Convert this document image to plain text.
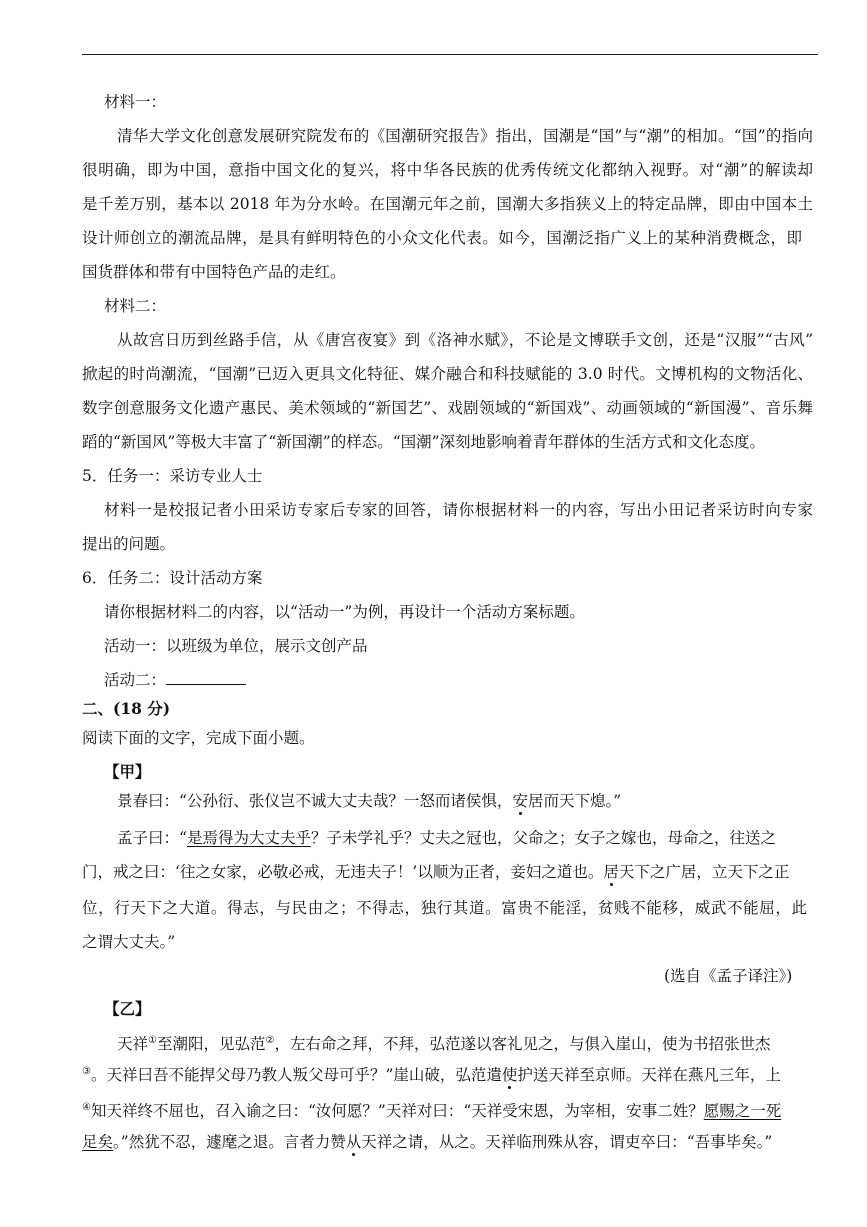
材料一：
清华大学文化创意发展研究院发布的《国潮研究报告》指出，国潮是“国”与“潮”的相加。“国”的指向
很明确，即为中国，意指中国文化的复兴，将中华各民族的优秀传统文化都纳入视野。对“潮”的解读却
是千差万别，基本以 2018 年为分水岭。在国潮元年之前，国潮大多指狭义上的特定品牌，即由中国本土
设计师创立的潮流品牌，是具有鲜明特色的小众文化代表。如今，国潮泛指广义上的某种消费概念，即
国货群体和带有中国特色产品的走红。
材料二：
从故宫日历到丝路手信，从《唐宫夜宴》到《洛神水赋》，不论是文博联手文创，还是“汉服”“古风”
掀起的时尚潮流，“国潮”已迈入更具文化特征、媒介融合和科技赋能的 3.0 时代。文博机构的文物活化、
数字创意服务文化遗产惠民、美术领域的“新国艺”、戏剧领域的“新国戏”、动画领域的“新国漫”、音乐舞
蹈的“新国风”等极大丰富了“新国潮”的样态。“国潮”深刻地影响着青年群体的生活方式和文化态度。
5．任务一：采访专业人士
材料一是校报记者小田采访专家后专家的回答，请你根据材料一的内容，写出小田记者采访时向专家
提出的问题。
6．任务二：设计活动方案
请你根据材料二的内容，以“活动一”为例，再设计一个活动方案标题。
活动一：以班级为单位，展示文创产品
活动二：
二、(18 分)
阅读下面的文字，完成下面小题。
【甲】
景春曰：“公孙衍、张仪岂不诚大丈夫哉？一怒而诸侯惧，安居而天下熄。”
孟子曰：“是焉得为大丈夫乎？子未学礼乎？丈夫之冠也，父命之；女子之嫁也，母命之，往送之
门，戒之曰：‘往之女家，必敬必戒，无违夫子！’以顺为正者，妾妇之道也。居天下之广居，立天下之正
位，行天下之大道。得志，与民由之；不得志，独行其道。富贵不能淫，贫贱不能移，威武不能屈，此
之谓大丈夫。”
(选自《孟子译注》)
【乙】
天祥①至潮阳，见弘范②，左右命之拜，不拜，弘范遂以客礼见之，与俱入崖山，使为书招张世杰
③。天祥曰吾不能捍父母乃教人叛父母可乎？”崖山破，弘范遣使护送天祥至京师。天祥在燕凡三年，上
④知天祥终不屈也，召入谕之曰：“汝何愿？”天祥对曰：“天祥受宋恩，为宰相，安事二姓？愿赐之一死
足矣。”然犹不忍，遽麾之退。言者力赞从天祥之请，从之。天祥临刑殊从容，谓吏卒曰：“吾事毕矣。”
